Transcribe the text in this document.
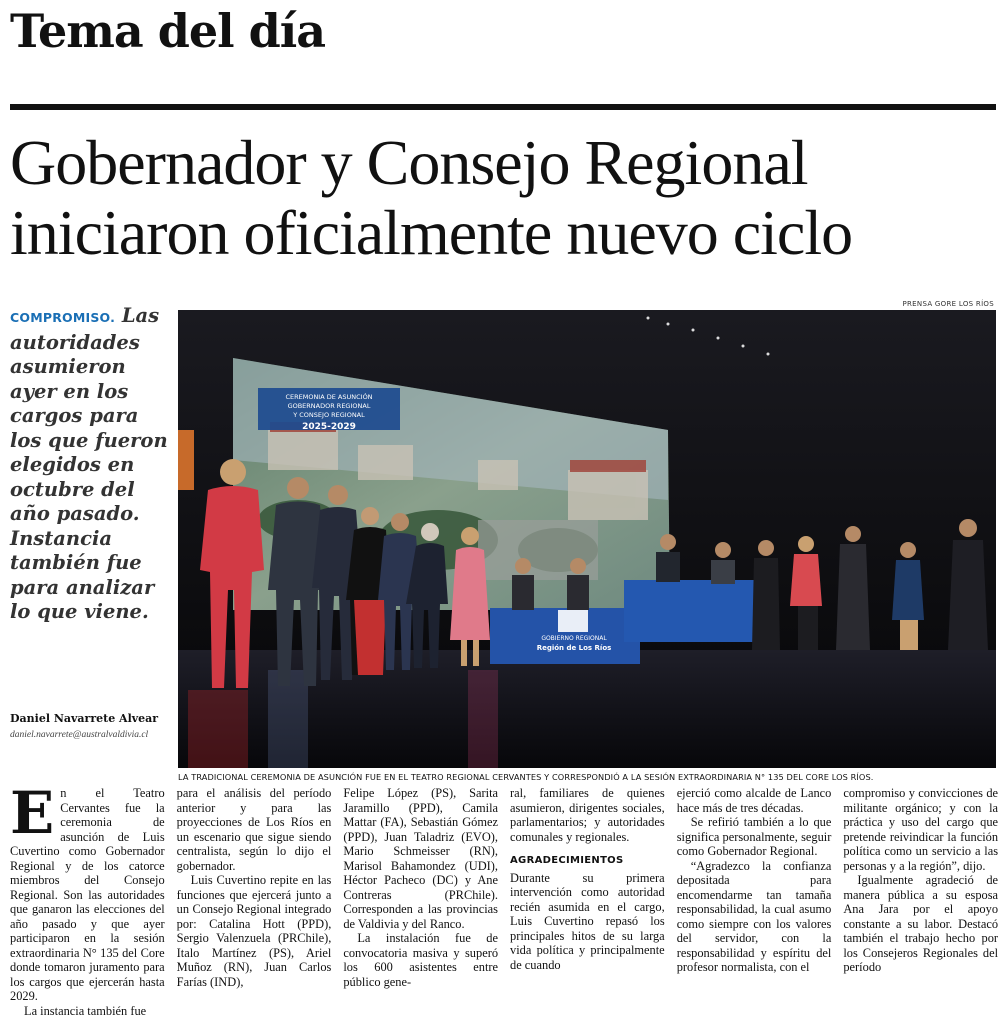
Tema del día
Gobernador y Consejo Regional
iniciaron oficialmente nuevo ciclo
COMPROMISO. Las autoridades asumieron ayer en los cargos para los que fueron elegidos en octubre del año pasado. Instancia también fue para analizar lo que viene.
Daniel Navarrete Alvear
daniel.navarrete@australvaldivia.cl
PRENSA GORE LOS RÍOS
CEREMONIA DE ASUNCIÓN
GOBERNADOR REGIONAL
Y CONSEJO REGIONAL
2025-2029
GOBIERNO REGIONAL
Región de Los Ríos
LA TRADICIONAL CEREMONIA DE ASUNCIÓN FUE EN EL TEATRO REGIONAL CERVANTES Y CORRESPONDIÓ A LA SESIÓN EXTRAORDINARIA N° 135 DEL CORE LOS RÍOS.

En el Teatro Cervantes fue la ceremonia de asunción de Luis Cuvertino como Gobernador Regional y de los catorce miembros del Consejo Regional. Son las autoridades que ganaron las elecciones del año pasado y que ayer participaron en la sesión extraordinaria N° 135 del Core donde tomaron juramento para los cargos que ejercerán hasta 2029.

La instancia también fue

para el análisis del período anterior y para las proyecciones de Los Ríos en un escenario que sigue siendo centralista, según lo dijo el gobernador.

Luis Cuvertino repite en las funciones que ejercerá junto a un Consejo Regional integrado por: Catalina Hott (PPD), Sergio Valenzuela (PRChile), Italo Martínez (PS), Ariel Muñoz (RN), Juan Carlos Farías (IND),

Felipe López (PS), Sarita Jaramillo (PPD), Camila Mattar (FA), Sebastián Gómez (PPD), Juan Taladriz (EVO), Mario Schmeisser (RN), Marisol Bahamondez (UDI), Héctor Pacheco (DC) y Ane Contreras (PRChile). Corresponden a las provincias de Valdivia y del Ranco.

La instalación fue de convocatoria masiva y superó los 600 asistentes entre público gene-

ral, familiares de quienes asumieron, dirigentes sociales, parlamentarios; y autoridades comunales y regionales.

AGRADECIMIENTOS

Durante su primera intervención como autoridad recién asumida en el cargo, Luis Cuvertino repasó los principales hitos de su larga vida política y principalmente de cuando

ejerció como alcalde de Lanco hace más de tres décadas.

Se refirió también a lo que significa personalmente, seguir como Gobernador Regional.

“Agradezco la confianza depositada para encomendarme tan tamaña responsabilidad, la cual asumo como siempre con los valores del servidor, con la responsabilidad y espíritu del profesor normalista, con el

compromiso y convicciones de militante orgánico; y con la práctica y uso del cargo que pretende reivindicar la función política como un servicio a las personas y a la región”, dijo.

Igualmente agradeció de manera pública a su esposa Ana Jara por el apoyo constante a su labor. Destacó también el trabajo hecho por los Consejeros Regionales del período
